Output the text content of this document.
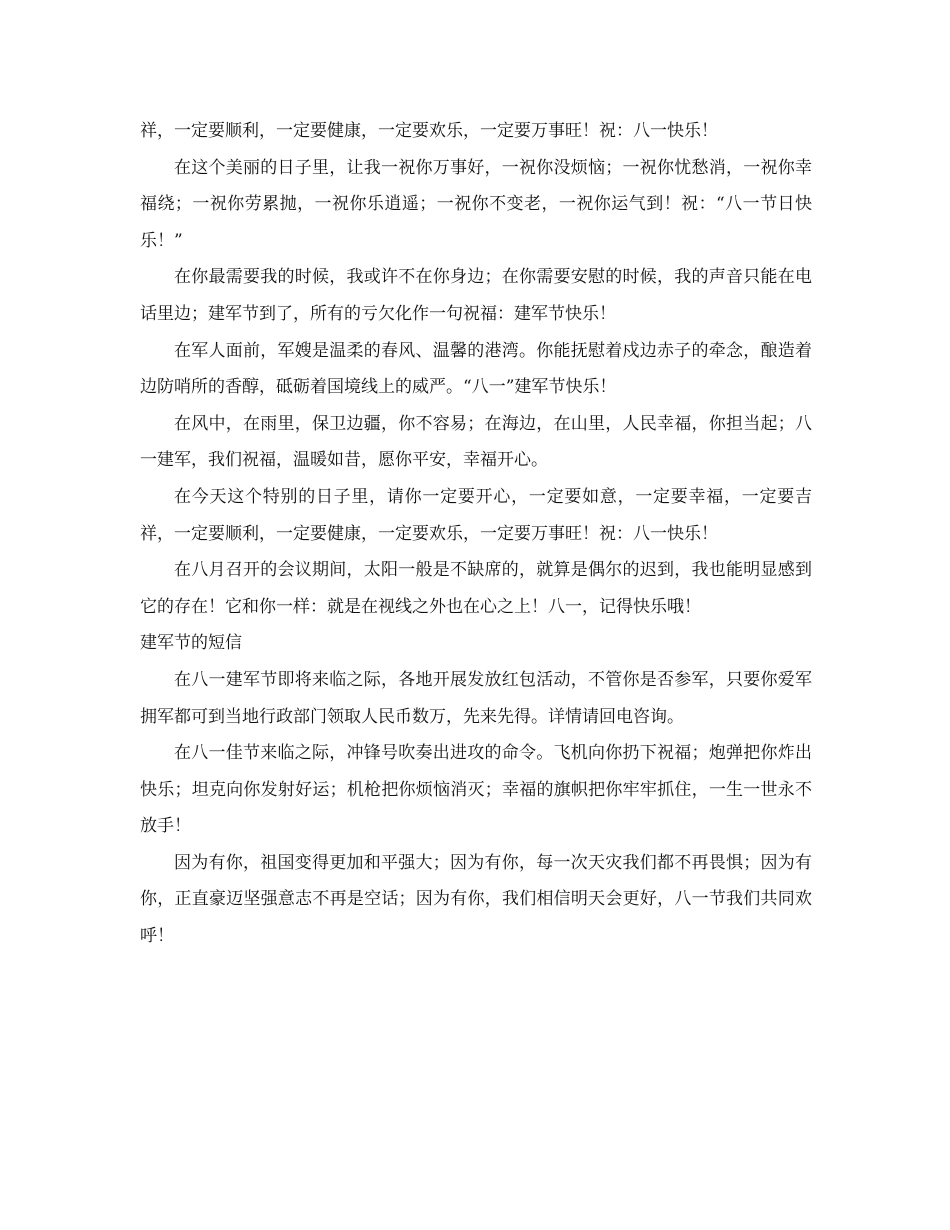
祥，一定要顺利，一定要健康，一定要欢乐，一定要万事旺！祝：八一快乐！

在这个美丽的日子里，让我一祝你万事好，一祝你没烦恼；一祝你忧愁消，一祝你幸福绕；一祝你劳累抛，一祝你乐逍遥；一祝你不变老，一祝你运气到！祝：“八一节日快乐！”

在你最需要我的时候，我或许不在你身边；在你需要安慰的时候，我的声音只能在电话里边；建军节到了，所有的亏欠化作一句祝福：建军节快乐！

在军人面前，军嫂是温柔的春风、温馨的港湾。你能抚慰着戍边赤子的牵念，酿造着边防哨所的香醇，砥砺着国境线上的威严。“八一”建军节快乐！

在风中，在雨里，保卫边疆，你不容易；在海边，在山里，人民幸福，你担当起；八一建军，我们祝福，温暖如昔，愿你平安，幸福开心。

在今天这个特别的日子里，请你一定要开心，一定要如意，一定要幸福，一定要吉祥，一定要顺利，一定要健康，一定要欢乐，一定要万事旺！祝：八一快乐！

在八月召开的会议期间，太阳一般是不缺席的，就算是偶尔的迟到，我也能明显感到它的存在！它和你一样：就是在视线之外也在心之上！八一，记得快乐哦！

建军节的短信

在八一建军节即将来临之际，各地开展发放红包活动，不管你是否参军，只要你爱军拥军都可到当地行政部门领取人民币数万，先来先得。详情请回电咨询。

在八一佳节来临之际，冲锋号吹奏出进攻的命令。飞机向你扔下祝福；炮弹把你炸出快乐；坦克向你发射好运；机枪把你烦恼消灭；幸福的旗帜把你牢牢抓住，一生一世永不放手！

因为有你，祖国变得更加和平强大；因为有你，每一次天灾我们都不再畏惧；因为有你，正直豪迈坚强意志不再是空话；因为有你，我们相信明天会更好，八一节我们共同欢呼！
